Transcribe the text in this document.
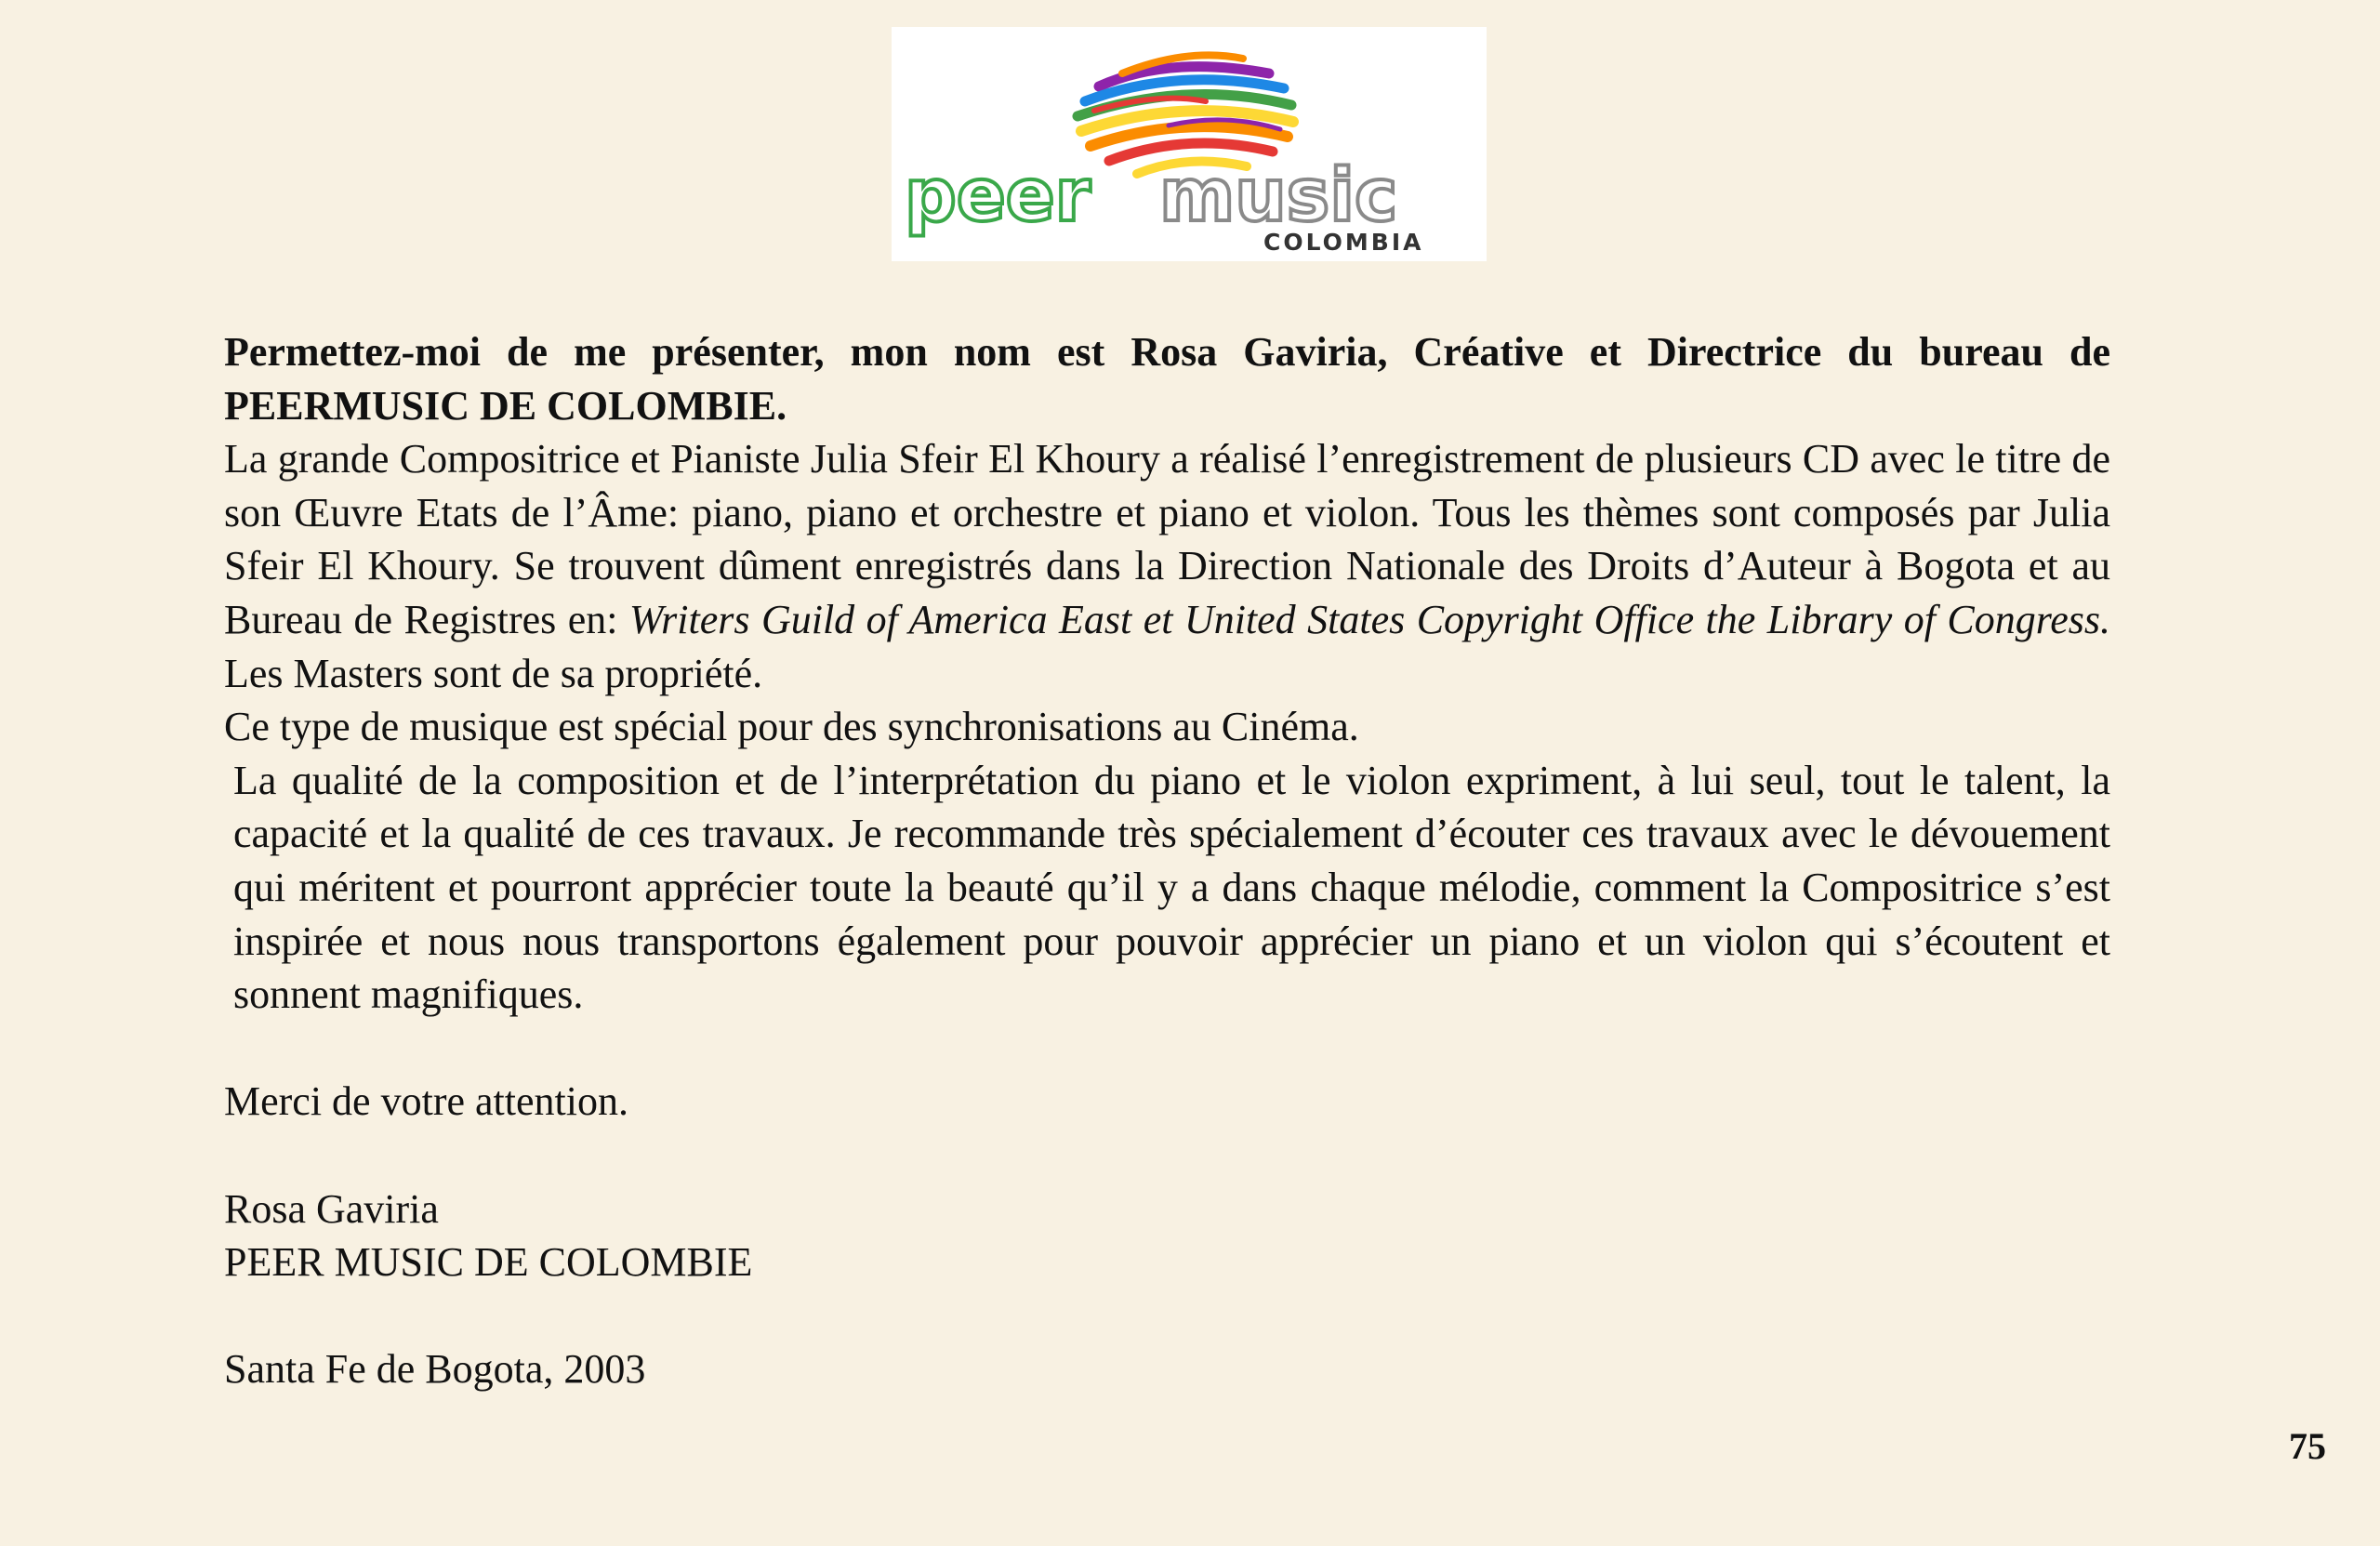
peer music
COLOMBIA

Permettez-moi de me présenter, mon nom est Rosa Gaviria, Créative et Directrice du bureau de PEERMUSIC DE COLOMBIE.

La grande Compositrice et Pianiste Julia Sfeir El Khoury a réalisé l’enregistrement de plusieurs CD avec le titre de son Œuvre Etats de l’Âme: piano, piano et orchestre et piano et violon. Tous les thèmes sont composés par Julia Sfeir El Khoury. Se trouvent dûment enregistrés dans la Direction Nationale des Droits d’Auteur à Bogota et au Bureau de Registres en: Writers Guild of America East et United States Copyright Office the Library of Congress. Les Masters sont de sa propriété.

Ce type de musique est spécial pour des synchronisations au Cinéma.

La qualité de la composition et de l’interprétation du piano et le violon expriment, à lui seul, tout le talent, la capacité et la qualité de ces travaux. Je recommande très spécialement d’écouter ces travaux avec le dévouement qui méritent et pourront apprécier toute la beauté qu’il y a dans chaque mélodie, comment la Compositrice s’est inspirée et nous nous transportons également pour pouvoir apprécier un piano et un violon qui s’écoutent et sonnent magnifiques.

Merci de votre attention.

Rosa Gaviria

PEER MUSIC DE COLOMBIE

Santa Fe de Bogota, 2003

75
